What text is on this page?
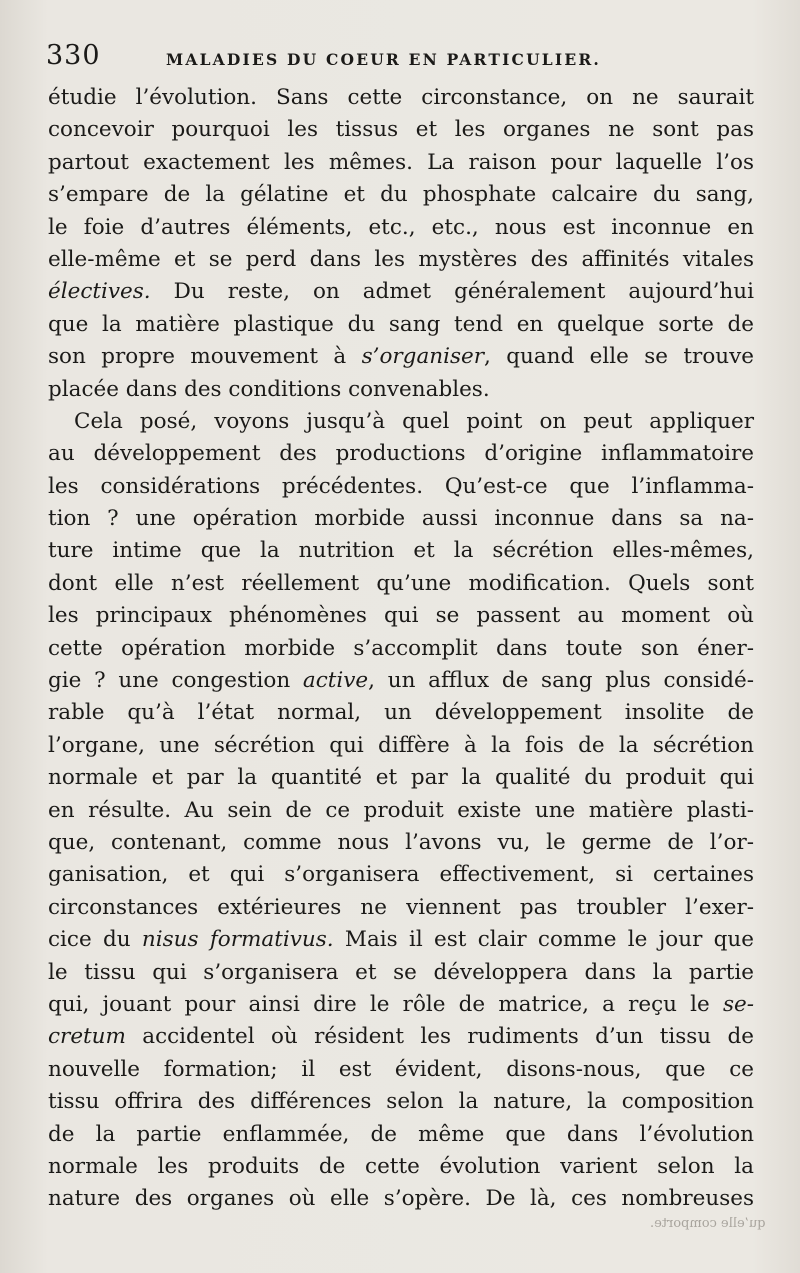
330	MALADIES DU COEUR EN PARTICULIER.
étudie l’évolution. Sans cette circonstance, on ne saurait
concevoir pourquoi les tissus et les organes ne sont pas
partout exactement les mêmes. La raison pour laquelle l’os
s’empare de la gélatine et du phosphate calcaire du sang,
le foie d’autres éléments, etc., etc., nous est inconnue en
elle-même et se perd dans les mystères des affinités vitales
électives. Du reste, on admet généralement aujourd’hui
que la matière plastique du sang tend en quelque sorte de
son propre mouvement à s’organiser, quand elle se trouve
placée dans des conditions convenables.
Cela posé, voyons jusqu’à quel point on peut appliquer
au développement des productions d’origine inflammatoire
les considérations précédentes. Qu’est-ce que l’inflamma-
tion ? une opération morbide aussi inconnue dans sa na-
ture intime que la nutrition et la sécrétion elles-mêmes,
dont elle n’est réellement qu’une modification. Quels sont
les principaux phénomènes qui se passent au moment où
cette opération morbide s’accomplit dans toute son éner-
gie ? une congestion active, un afflux de sang plus considé-
rable qu’à l’état normal, un développement insolite de
l’organe, une sécrétion qui diffère à la fois de la sécrétion
normale et par la quantité et par la qualité du produit qui
en résulte. Au sein de ce produit existe une matière plasti-
que, contenant, comme nous l’avons vu, le germe de l’or-
ganisation, et qui s’organisera effectivement, si certaines
circonstances extérieures ne viennent pas troubler l’exer-
cice du nisus formativus. Mais il est clair comme le jour que
le tissu qui s’organisera et se développera dans la partie
qui, jouant pour ainsi dire le rôle de matrice, a reçu le se-
cretum accidentel où résident les rudiments d’un tissu de
nouvelle formation; il est évident, disons-nous, que ce
tissu offrira des différences selon la nature, la composition
de la partie enflammée, de même que dans l’évolution
normale les produits de cette évolution varient selon la
nature des organes où elle s’opère. De là, ces nombreuses
qu’elle comporte.
